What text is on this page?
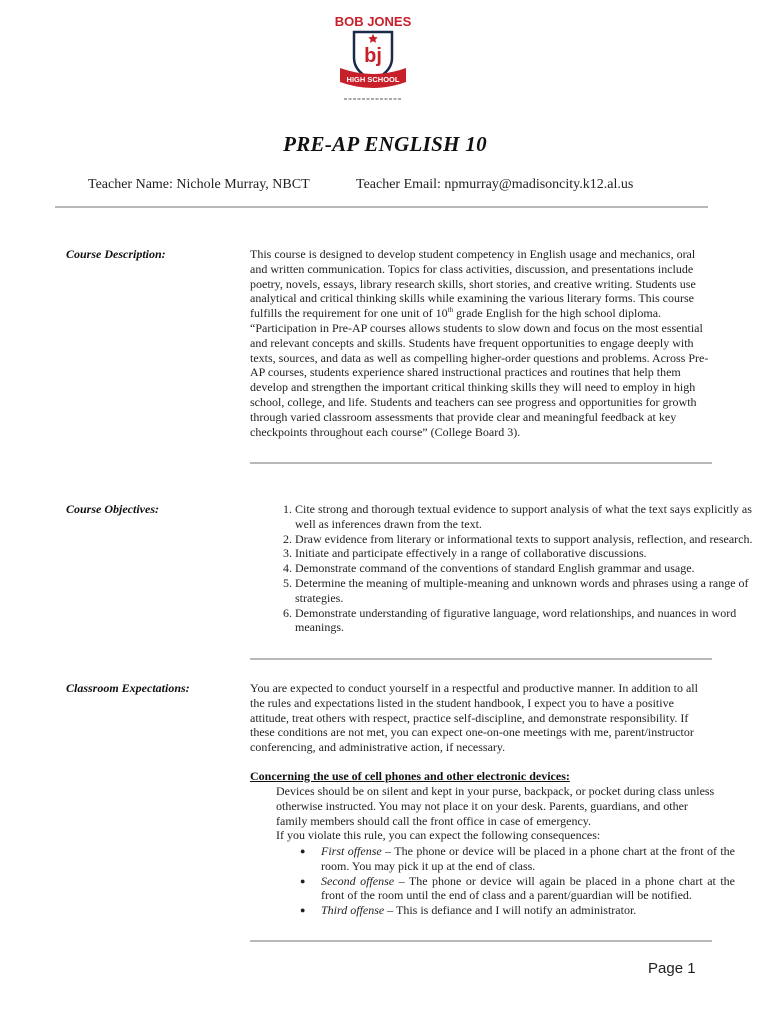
BOB JONES
bj
HIGH SCHOOL
PRE-AP ENGLISH 10
Teacher Name: Nichole Murray, NBCT	Teacher Email: npmurray@madisoncity.k12.al.us
Course Description:	This course is designed to develop student competency in English usage and mechanics, oral and written communication. Topics for class activities, discussion, and presentations include poetry, novels, essays, library research skills, short stories, and creative writing. Students use analytical and critical thinking skills while examining the various literary forms. This course fulfills the requirement for one unit of 10th grade English for the high school diploma. “Participation in Pre-AP courses allows students to slow down and focus on the most essential and relevant concepts and skills. Students have frequent opportunities to engage deeply with texts, sources, and data as well as compelling higher-order questions and problems. Across Pre-AP courses, students experience shared instructional practices and routines that help them develop and strengthen the important critical thinking skills they will need to employ in high school, college, and life. Students and teachers can see progress and opportunities for growth through varied classroom assessments that provide clear and meaningful feedback at key checkpoints throughout each course” (College Board 3).
Course Objectives:
1.	Cite strong and thorough textual evidence to support analysis of what the text says explicitly as well as inferences drawn from the text.
2. Draw evidence from literary or informational texts to support analysis, reflection, and research.
3. Initiate and participate effectively in a range of collaborative discussions.
4. Demonstrate command of the conventions of standard English grammar and usage.
5. Determine the meaning of multiple-meaning and unknown words and phrases using a range of strategies.
6. Demonstrate understanding of figurative language, word relationships, and nuances in word meanings.
Classroom Expectations:	You are expected to conduct yourself in a respectful and productive manner. In addition to all the rules and expectations listed in the student handbook, I expect you to have a positive attitude, treat others with respect, practice self-discipline, and demonstrate responsibility. If these conditions are not met, you can expect one-on-one meetings with me, parent/instructor conferencing, and administrative action, if necessary.
Concerning the use of cell phones and other electronic devices:
Devices should be on silent and kept in your purse, backpack, or pocket during class unless otherwise instructed. You may not place it on your desk. Parents, guardians, and other family members should call the front office in case of emergency.
If you violate this rule, you can expect the following consequences:
● First offense – The phone or device will be placed in a phone chart at the front of the room. You may pick it up at the end of class.
● Second offense – The phone or device will again be placed in a phone chart at the front of the room until the end of class and a parent/guardian will be notified.
● Third offense – This is defiance and I will notify an administrator.
Page 1
